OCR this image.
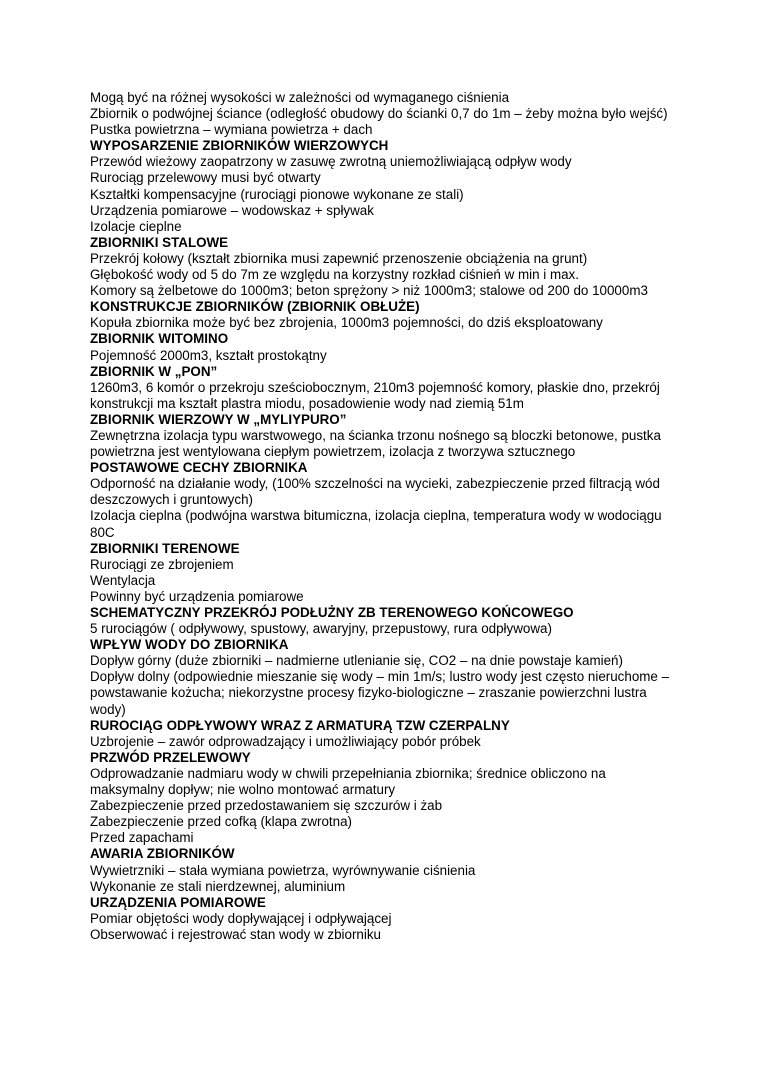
Mogą być na różnej wysokości w zależności od wymaganego ciśnienia

Zbiornik o podwójnej ściance (odległość obudowy do ścianki 0,7 do 1m – żeby można było wejść)

Pustka powietrzna – wymiana powietrza + dach

WYPOSARZENIE ZBIORNIKÓW WIERZOWYCH

Przewód wieżowy zaopatrzony w zasuwę zwrotną uniemożliwiającą odpływ wody

Rurociąg przelewowy musi być otwarty

Kształtki kompensacyjne (rurociągi pionowe wykonane ze stali)

Urządzenia pomiarowe – wodowskaz + spływak

Izolacje cieplne

ZBIORNIKI STALOWE

Przekrój kołowy (kształt zbiornika musi zapewnić przenoszenie obciążenia na grunt)

Głębokość wody od 5 do 7m ze względu na korzystny rozkład ciśnień w min i max.

Komory są żelbetowe do 1000m3; beton sprężony > niż 1000m3; stalowe od 200 do 10000m3

KONSTRUKCJE ZBIORNIKÓW (ZBIORNIK OBŁUŻE)

Kopuła zbiornika może być bez zbrojenia, 1000m3 pojemności, do dziś eksploatowany

ZBIORNIK WITOMINO

Pojemność 2000m3, kształt prostokątny

ZBIORNIK W „PON”

1260m3, 6 komór o przekroju sześciobocznym, 210m3 pojemność komory, płaskie dno, przekrój konstrukcji ma kształt plastra miodu, posadowienie wody nad ziemią 51m

ZBIORNIK WIERZOWY W „MYLIYPURO”

Zewnętrzna izolacja typu warstwowego, na ścianka trzonu nośnego są bloczki betonowe, pustka powietrzna jest wentylowana ciepłym powietrzem, izolacja z tworzywa sztucznego

POSTAWOWE CECHY ZBIORNIKA

Odporność na działanie wody, (100% szczelności na wycieki, zabezpieczenie przed filtracją wód deszczowych i gruntowych)

Izolacja cieplna (podwójna warstwa bitumiczna, izolacja cieplna, temperatura wody w wodociągu 80C

ZBIORNIKI TERENOWE

Rurociągi ze zbrojeniem

Wentylacja

Powinny być urządzenia pomiarowe

SCHEMATYCZNY PRZEKRÓJ PODŁUŻNY ZB TERENOWEGO KOŃCOWEGO

5 rurociągów ( odpływowy, spustowy, awaryjny, przepustowy, rura odpływowa)

WPŁYW WODY DO ZBIORNIKA

Dopływ górny (duże zbiorniki – nadmierne utlenianie się, CO2 – na dnie powstaje kamień)

Dopływ dolny (odpowiednie mieszanie się wody – min 1m/s; lustro wody jest często nieruchome – powstawanie kożucha; niekorzystne procesy fizyko-biologiczne – zraszanie powierzchni lustra wody)

RUROCIĄG ODPŁYWOWY WRAZ Z ARMATURĄ TZW CZERPALNY

Uzbrojenie – zawór odprowadzający i umożliwiający pobór próbek

PRZWÓD PRZELEWOWY

Odprowadzanie nadmiaru wody w chwili przepełniania zbiornika; średnice obliczono na maksymalny dopływ; nie wolno montować armatury

Zabezpieczenie przed przedostawaniem się szczurów i żab

Zabezpieczenie przed cofką (klapa zwrotna)

Przed zapachami

AWARIA ZBIORNIKÓW

Wywietrzniki – stała wymiana powietrza, wyrównywanie ciśnienia

Wykonanie ze stali nierdzewnej, aluminium

URZĄDZENIA POMIAROWE

Pomiar objętości wody dopływającej i odpływającej

Obserwować i rejestrować stan wody w zbiorniku
